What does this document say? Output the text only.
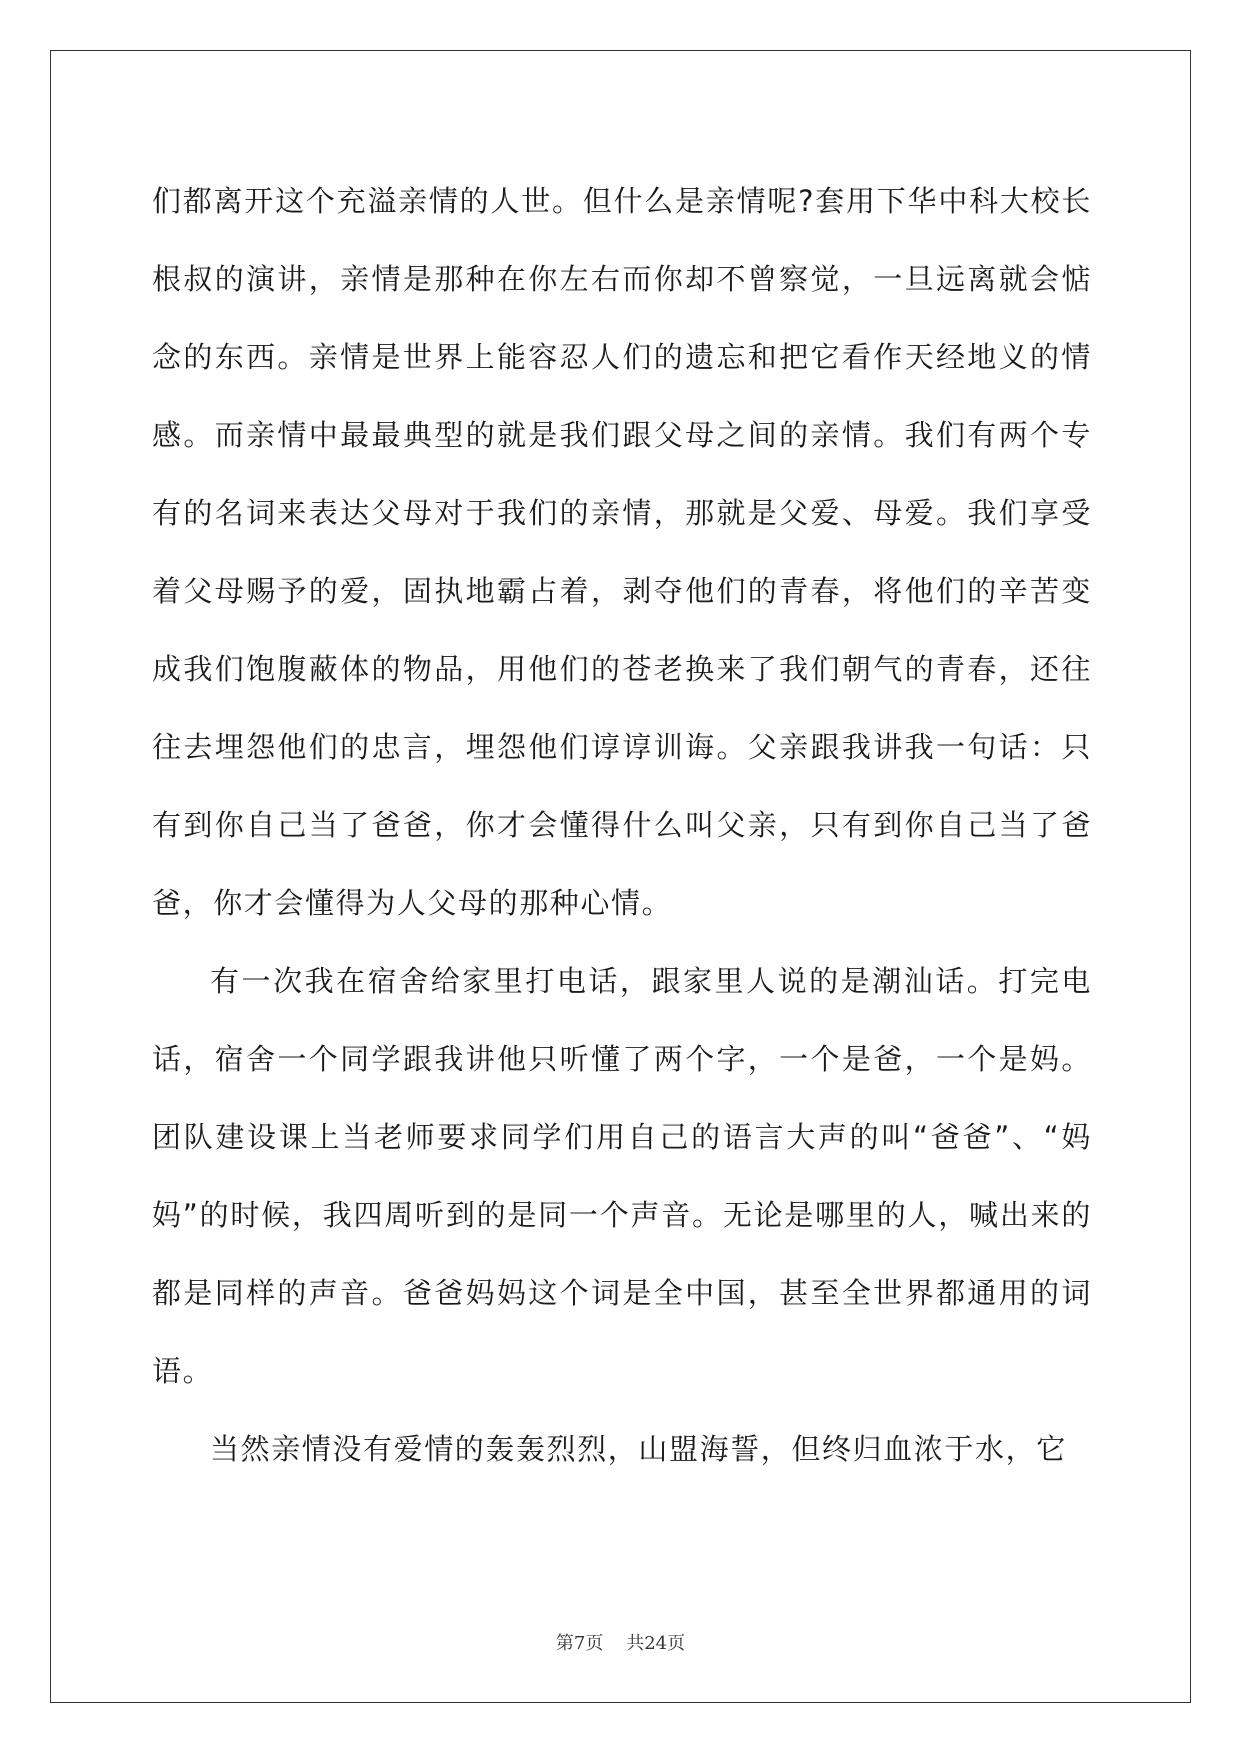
们都离开这个充溢亲情的人世。但什么是亲情呢?套用下华中科大校长根叔的演讲，亲情是那种在你左右而你却不曾察觉，一旦远离就会惦念的东西。亲情是世界上能容忍人们的遗忘和把它看作天经地义的情感。而亲情中最最典型的就是我们跟父母之间的亲情。我们有两个专有的名词来表达父母对于我们的亲情，那就是父爱、母爱。我们享受着父母赐予的爱，固执地霸占着，剥夺他们的青春，将他们的辛苦变成我们饱腹蔽体的物品，用他们的苍老换来了我们朝气的青春，还往往去埋怨他们的忠言，埋怨他们谆谆训诲。父亲跟我讲我一句话：只有到你自己当了爸爸，你才会懂得什么叫父亲，只有到你自己当了爸爸，你才会懂得为人父母的那种心情。

有一次我在宿舍给家里打电话，跟家里人说的是潮汕话。打完电话，宿舍一个同学跟我讲他只听懂了两个字，一个是爸，一个是妈。团队建设课上当老师要求同学们用自己的语言大声的叫“爸爸”、“妈妈”的时候，我四周听到的是同一个声音。无论是哪里的人，喊出来的都是同样的声音。爸爸妈妈这个词是全中国，甚至全世界都通用的词语。

当然亲情没有爱情的轰轰烈烈，山盟海誓，但终归血浓于水，它

第7页    共24页
